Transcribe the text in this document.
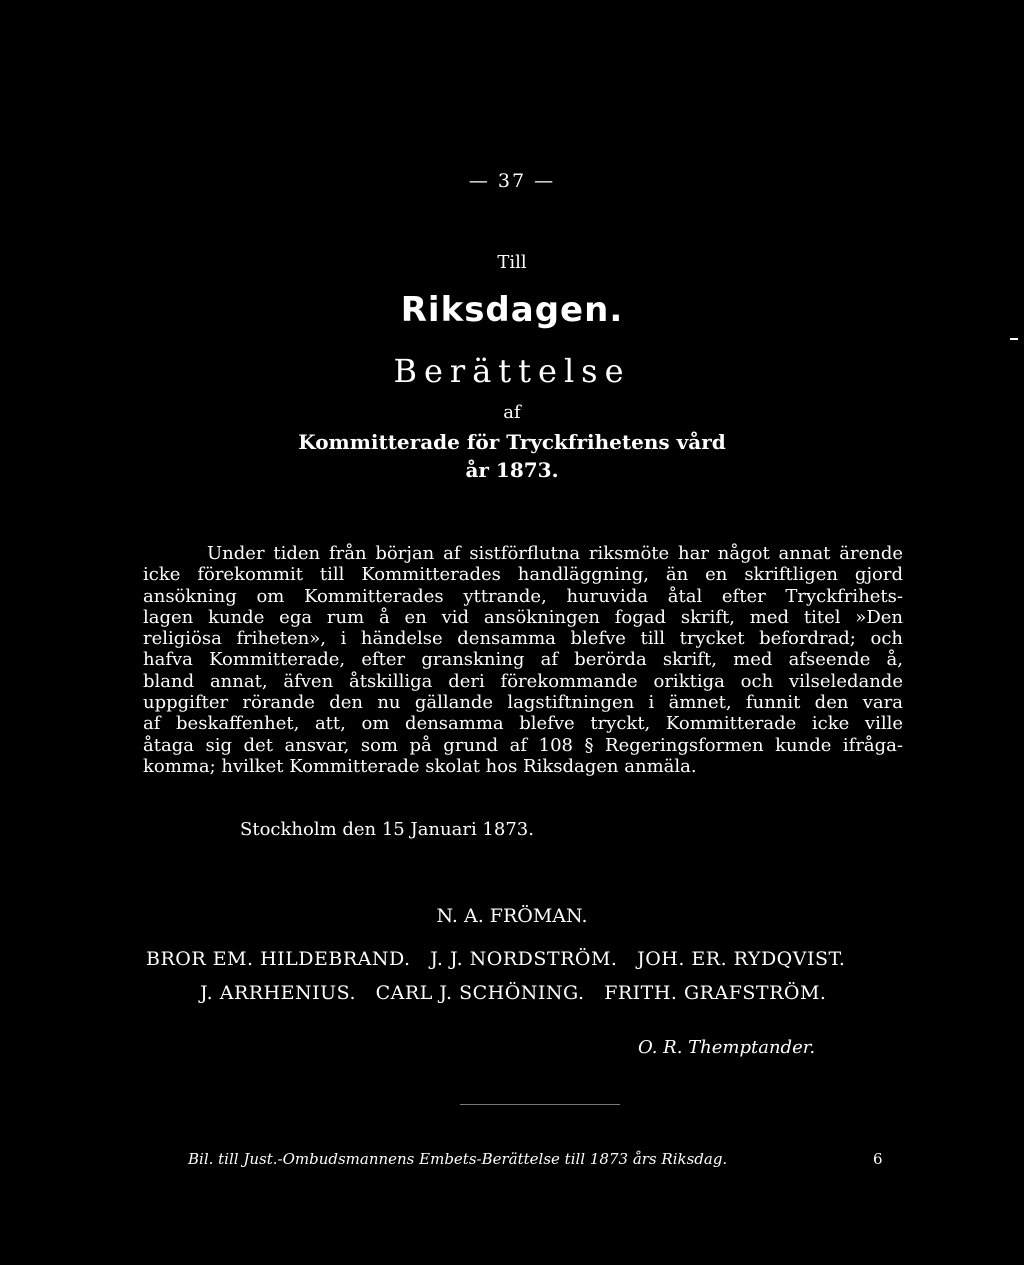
— 37 —
Till
Riksdagen.
Berättelse
af
Kommitterade för Tryckfrihetens vård
år 1873.
Under tiden från början af sistförflutna riksmöte har något annat ärende
icke förekommit till Kommitterades handläggning, än en skriftligen gjord
ansökning om Kommitterades yttrande, huruvida åtal efter Tryckfrihets-
lagen kunde ega rum å en vid ansökningen fogad skrift, med titel »Den
religiösa friheten», i händelse densamma blefve till trycket befordrad; och
hafva Kommitterade, efter granskning af berörda skrift, med afseende å,
bland annat, äfven åtskilliga deri förekommande oriktiga och vilseledande
uppgifter rörande den nu gällande lagstiftningen i ämnet, funnit den vara
af beskaffenhet, att, om densamma blefve tryckt, Kommitterade icke ville
åtaga sig det ansvar, som på grund af 108 § Regeringsformen kunde ifråga-
komma; hvilket Kommitterade skolat hos Riksdagen anmäla.
Stockholm den 15 Januari 1873.
N. A. FRÖMAN.
BROR EM. HILDEBRAND.   J. J. NORDSTRÖM.   JOH. ER. RYDQVIST.
J. ARRHENIUS.   CARL J. SCHÖNING.   FRITH. GRAFSTRÖM.
O. R. Themptander.
Bil. till Just.-Ombudsmannens Embets-Berättelse till 1873 års Riksdag.	6
